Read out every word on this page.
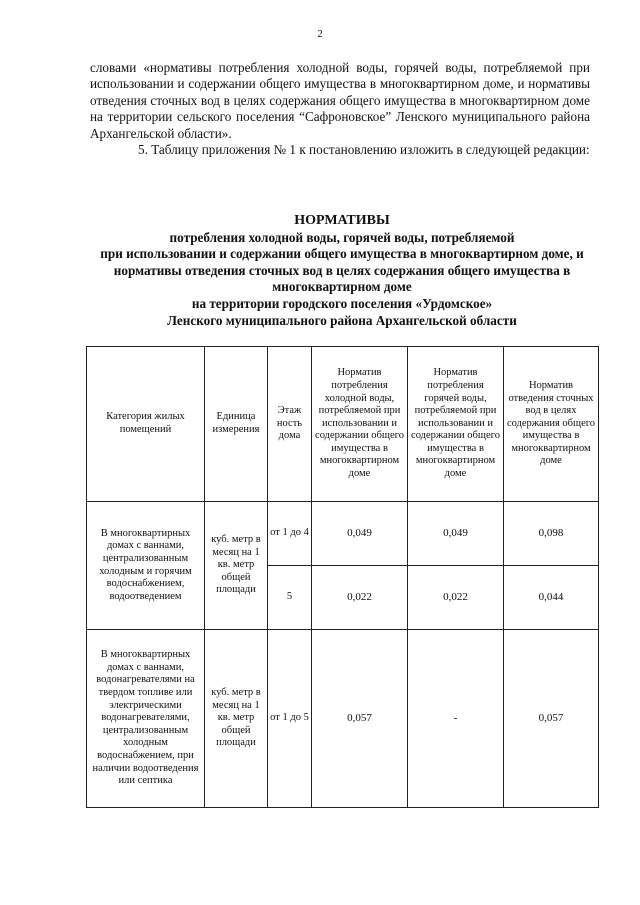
2

словами «нормативы потребления холодной воды, горячей воды, потребляемой при использовании и содержании общего имущества в многоквартирном доме, и нормативы отведения сточных вод в целях содержания общего имущества в многоквартирном доме на территории сельского поселения “Сафроновское” Ленского муниципального района Архангельской области».

5. Таблицу приложения № 1 к постановлению изложить в следующей редакции:

НОРМАТИВЫ
потребления холодной воды, горячей воды, потребляемой
при использовании и содержании общего имущества в многоквартирном доме, и нормативы отведения сточных вод в целях содержания общего имущества в многоквартирном доме
на территории городского поселения «Урдомское»
Ленского муниципального района Архангельской области
Категория жилых помещений	Единица измерения	Этаж ность дома	Норматив потребления холодной воды, потребляемой при использовании и содержании общего имущества в многоквартирном доме	Норматив потребления горячей воды, потребляемой при использовании и содержании общего имущества в многоквартирном доме	Норматив отведения сточных вод в целях содержания общего имущества в многоквартирном доме
В многоквартирных домах с ваннами, централизованным холодным и горячим водоснабжением, водоотведением	куб. метр в месяц на 1 кв. метр общей площади	от 1 до 4	0,049	0,049	0,098
		5	0,022	0,022	0,044
В многоквартирных домах с ваннами, водонагревателями на твердом топливе или электрическими водонагревателями, централизованным холодным водоснабжением, при наличии водоотведения или септика	куб. метр в месяц на 1 кв. метр общей площади	от 1 до 5	0,057	-	0,057
